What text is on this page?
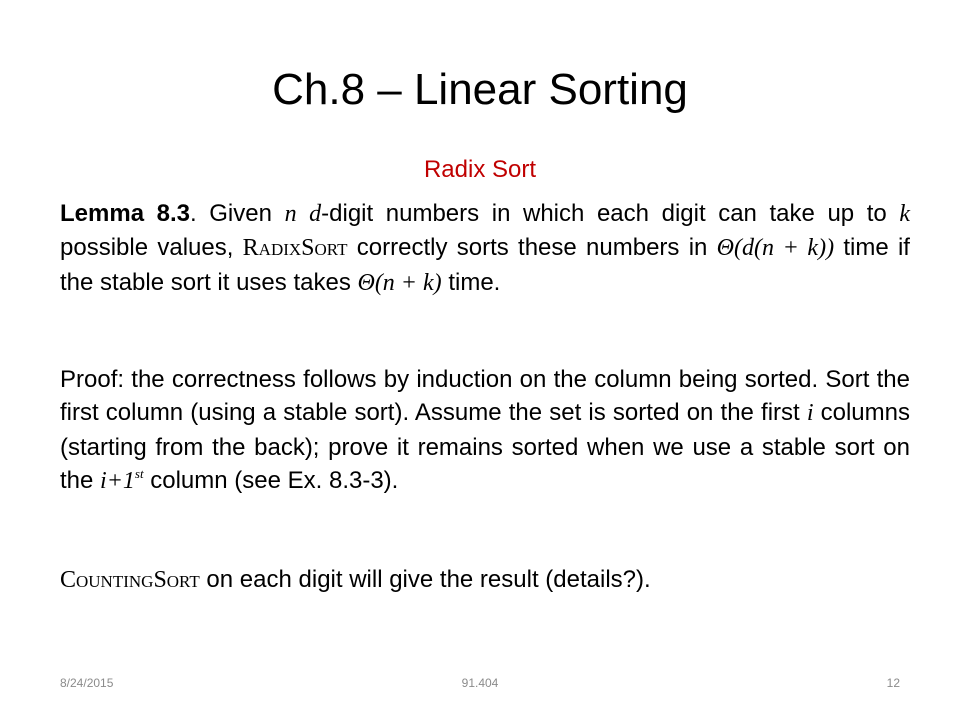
Ch.8 – Linear Sorting
Radix Sort
Lemma 8.3. Given n d-digit numbers in which each digit can take up to k possible values, RadixSort correctly sorts these numbers in Θ(d(n + k)) time if the stable sort it uses takes Θ(n + k) time.
Proof: the correctness follows by induction on the column being sorted. Sort the first column (using a stable sort). Assume the set is sorted on the first i columns (starting from the back); prove it remains sorted when we use a stable sort on the i+1st column (see Ex. 8.3-3).
CountingSort on each digit will give the result (details?).
8/24/2015	91.404	12
